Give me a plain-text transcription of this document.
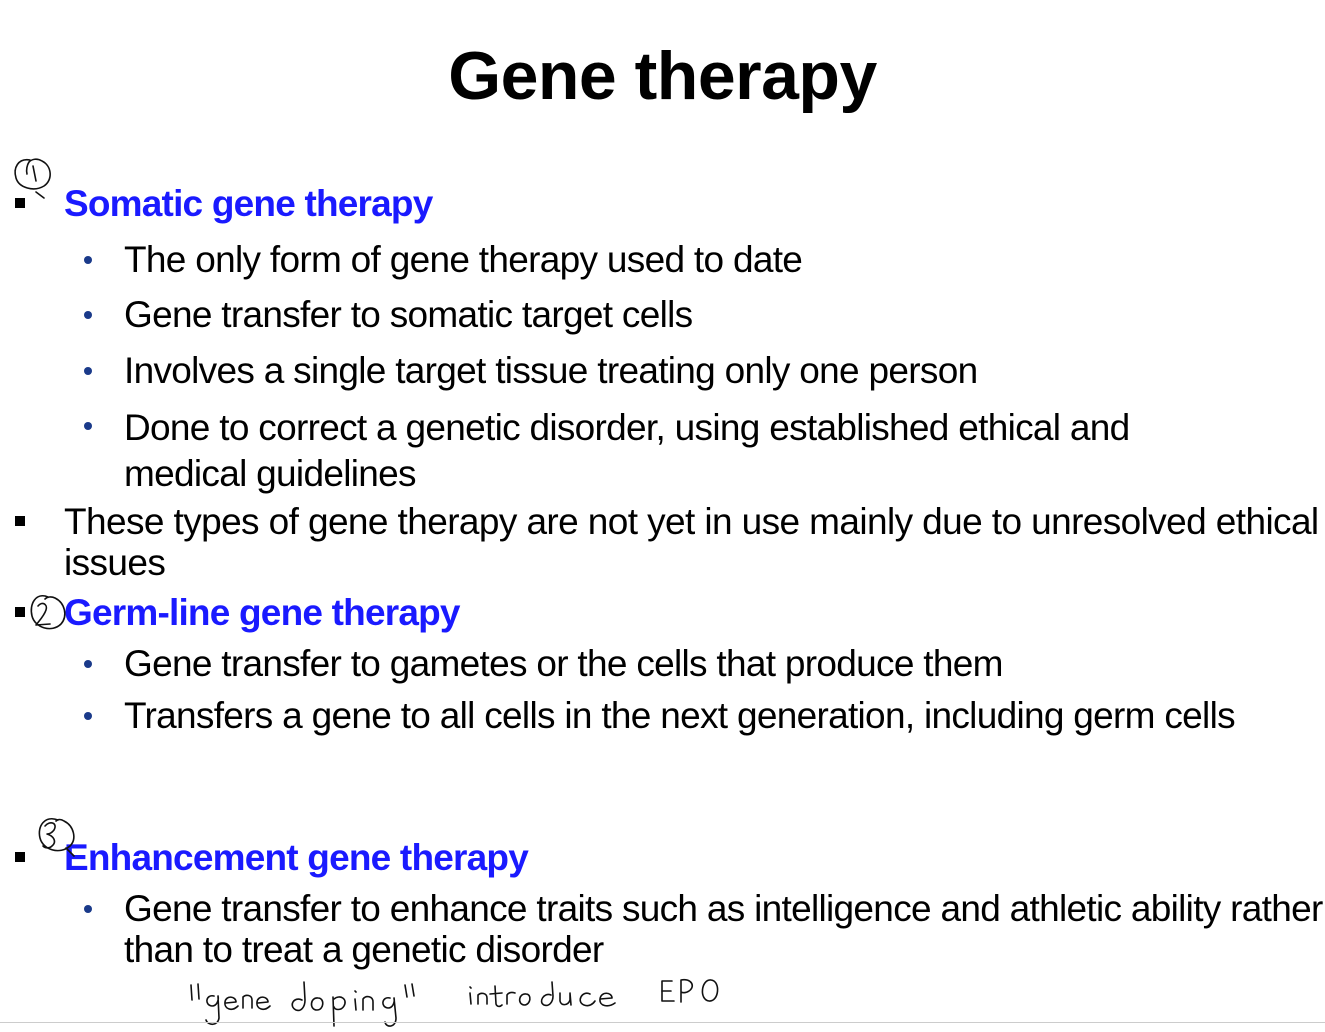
Gene therapy
Somatic gene therapy
The only form of gene therapy used to date
Gene transfer to somatic target cells
Involves a single target tissue treating only one person
Done to correct a genetic disorder, using established ethical and medical guidelines
These types of gene therapy are not yet in use mainly due to unresolved ethical issues
Germ-line gene therapy
Gene transfer to gametes or the cells that produce them
Transfers a gene to all cells in the next generation, including germ cells
Enhancement gene therapy
Gene transfer to enhance traits such as intelligence and athletic ability rather than to treat a genetic disorder
